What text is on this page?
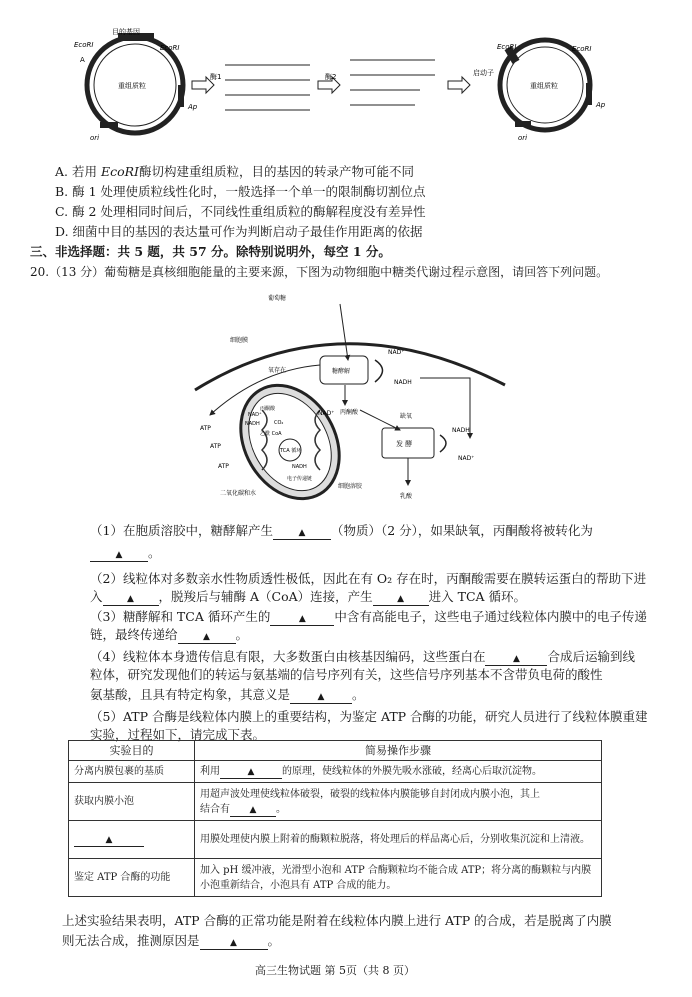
目的基因
EcoRI	EcoRI
A
重组质粒
Ap
ori
酶1	酶2
EcoRI	EcoRI
启动子
重组质粒
Ap
ori
A. 若用 EcoRI酶切构建重组质粒，目的基因的转录产物可能不同
B. 酶 1 处理使质粒线性化时，一般选择一个单一的限制酶切割位点
C. 酶 2 处理相同时间后，不同线性重组质粒的酶解程度没有差异性
D. 细菌中目的基因的表达量可作为判断启动子最佳作用距离的依据
三、非选择题：共 5 题，共 57 分。除特别说明外，每空 1 分。
20.（13 分）葡萄糖是真核细胞能量的主要来源，下图为动物细胞中糖类代谢过程示意图，请回答下列问题。
葡萄糖
细胞膜
糖酵解
NAD⁺
NADH
丙酮酸
氧存在
丙酮酸
NAD⁺
NADH	CO₂
乙酰 CoA
TCA 循环
NADH
电子传递链
ATP
ATP
ATP
二氧化碳和水
NAD⁺	缺氧
发 酵
NADH
NAD⁺
乳酸
细胞溶胶
（1）在胞质溶胶中，糖酵解产生	▲ （物质）（2 分），如果缺氧，丙酮酸将被转化为
▲ 。
（2）线粒体对多数亲水性物质透性极低，因此在有 O₂ 存在时，丙酮酸需要在膜转运蛋白的帮助下进
入	▲ ，脱羧后与辅酶 A（CoA）连接，产生	▲ 进入 TCA 循环。
（3）糖酵解和 TCA 循环产生的	▲ 中含有高能电子，这些电子通过线粒体内膜中的电子传递
链，最终传递给	▲ 。
（4）线粒体本身遗传信息有限，大多数蛋白由核基因编码，这些蛋白在	▲ 合成后运输到线
粒体，研究发现他们的转运与氨基端的信号序列有关，这些信号序列基本不含带负电荷的酸性
氨基酸，且具有特定构象，其意义是	▲ 。
（5）ATP 合酶是线粒体内膜上的重要结构，为鉴定 ATP 合酶的功能，研究人员进行了线粒体膜重建
实验，过程如下，请完成下表。
实验目的	简易操作步骤
分离内膜包裹的基质	利用 ▲ 的原理，使线粒体的外膜先吸水涨破，经离心后取沉淀物。
获取内膜小泡	用超声波处理使线粒体破裂，破裂的线粒体内膜能够自封闭成内膜小泡，其上
结合有 ▲ 。
▲	用膜处理使内膜上附着的酶颗粒脱落，将处理后的样品离心后，分别收集沉淀和上清液。
鉴定 ATP 合酶的功能	加入 pH 缓冲液，光滑型小泡和 ATP 合酶颗粒均不能合成 ATP；将分离的酶颗粒与内膜小泡重新结合，小泡具有 ATP 合成的能力。
上述实验结果表明，ATP 合酶的正常功能是附着在线粒体内膜上进行 ATP 的合成，若是脱离了内膜
则无法合成，推测原因是	▲ 。
高三生物试题 第 5页（共 8 页）
